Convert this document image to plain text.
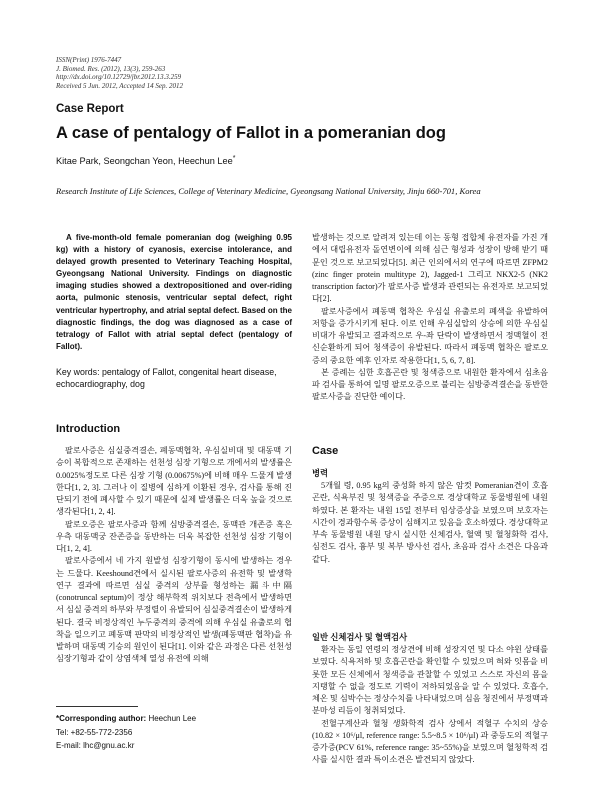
ISSN(Print) 1976-7447
J. Biomed. Res. (2012), 13(3), 259-263
http://dx.doi.org/10.12729/jbr.2012.13.3.259
Received 5 Jun. 2012, Accepted 14 Sep. 2012
Case Report
A case of pentalogy of Fallot in a pomeranian dog
Kitae Park, Seongchan Yeon, Heechun Lee*
Research Institute of Life Sciences, College of Veterinary Medicine, Gyeongsang National University, Jinju 660-701, Korea

A five-month-old female pomeranian dog (weighing 0.95 kg) with a history of cyanosis, exercise intolerance, and delayed growth presented to Veterinary Teaching Hospital, Gyeongsang National University. Findings on diagnostic imaging studies showed a dextropositioned and over-riding aorta, pulmonic stenosis, ventricular septal defect, right ventricular hypertrophy, and atrial septal defect. Based on the diagnostic findings, the dog was diagnosed as a case of tetralogy of Fallot with atrial septal defect (pentalogy of Fallot).

Key words: pentalogy of Fallot, congenital heart disease, echocardiography, dog

Introduction

팔로사증은 심실중격결손, 폐동맥협착, 우심실비대 및 대동맥 기승이 복합적으로 존재하는 선천성 심장 기형으로 개에서의 발생률은 0.0025%정도로 다른 심장 기형 (0.00675%)에 비해 매우 드물게 발생한다[1, 2, 3]. 그러나 이 질병에 심하게 이환된 경우, 검사를 통해 진단되기 전에 폐사할 수 있기 때문에 실제 발생률은 더욱 높을 것으로 생각된다[1, 2, 4].

팔로오증은 팔로사증과 함께 심방중격결손, 동맥관 개존증 혹은 우측 대동맥궁 잔존증을 동반하는 더욱 복잡한 선천성 심장 기형이다[1, 2, 4].

팔로사증에서 네 가지 원발성 심장기형이 동시에 발생하는 경우는 드물다. Keeshound견에서 실시된 팔로사증의 유전학 및 발생학 연구 결과에 따르면 심실 중격의 상부를 형성하는 漏斗中隔(conotruncal septum)이 정상 해부학적 위치보다 전측에서 발생하면서 심실 중격의 하부와 부정렬이 유발되어 심실중격결손이 발생하게 된다. 결국 비정상적인 누두중격의 중격에 의해 우심실 유출로의 협착을 일으키고 폐동맥 판막의 비정상적인 발생(폐동맥판 협착)을 유발하며 대동맥 기승의 원인이 된다[1]. 이와 같은 과정은 다른 선천성 심장기형과 같이 상염색체 열성 유전에 의해

*Corresponding author: Heechun Lee
Tel: +82-55-772-2356
E-mail: lhc@gnu.ac.kr

발생하는 것으로 알려져 있는데 이는 동형 접합체 유전자를 가진 개에서 대립유전자 돌연변이에 의해 심근 형성과 성장이 방해 받기 때문인 것으로 보고되었다[5]. 최근 인의에서의 연구에 따르면 ZFPM2 (zinc finger protein multitype 2), Jagged-1 그리고 NKX2-5 (NK2 transcription factor)가 팔로사증 발생과 관련되는 유전자로 보고되었다[2].

팔로사증에서 폐동맥 협착은 우심실 유출로의 폐색을 유발하여 저항을 증가시키게 된다. 이로 인해 우심실압의 상승에 의한 우심실 비대가 유발되고 결과적으로 우-좌 단락이 발생하면서 정맥혈이 전신순환하게 되어 청색증이 유발된다. 따라서 폐동맥 협착은 팔로오증의 중요한 예후 인자로 작용한다[1, 5, 6, 7, 8].

본 증례는 심한 호흡곤란 및 청색증으로 내원한 환자에서 심초음파 검사를 통하여 일명 팔로오증으로 불리는 심방중격결손을 동반한 팔로사증을 진단한 예이다.

Case
병력

5개월 령, 0.95 kg의 중성화 하지 않은 암컷 Pomeranian견이 호흡곤란, 식욕부진 및 청색증을 주증으로 경상대학교 동물병원에 내원하였다. 본 환자는 내원 15일 전부터 임상증상을 보였으며 보호자는 시간이 경과함수록 증상이 심해지고 있음을 호소하였다. 경상대학교 부속 동물병원 내원 당시 실시한 신체검사, 혈액 및 혈청화학 검사, 심전도 검사, 흉부 및 복부 방사선 검사, 초음파 검사 소견은 다음과 같다.

일반 신체검사 및 혈액검사

환자는 동일 연령의 정상견에 비해 성장지연 및 다소 야윈 상태를 보였다. 식욕저하 및 호흡곤란을 확인할 수 있었으며 혀와 잇몸을 비롯한 모든 신체에서 청색증을 관찰할 수 있었고 스스로 자신의 몸을 지탱할 수 없을 정도로 기력이 저하되었음을 알 수 있었다. 호흡수, 체온 및 심박수는 정상수치를 나타내었으며 심음 청진에서 부정맥과 분마성 리듬이 청취되었다.

전혈구계산과 혈청 생화학적 검사 상에서 적혈구 수치의 상승(10.82 × 10⁶/μl, reference range: 5.5~8.5 × 10⁶/μl) 과 중등도의 적혈구 증가증(PCV 61%, reference range: 35~55%)을 보였으며 혈청학적 검사를 실시한 결과 특이소견은 발견되지 않았다.
